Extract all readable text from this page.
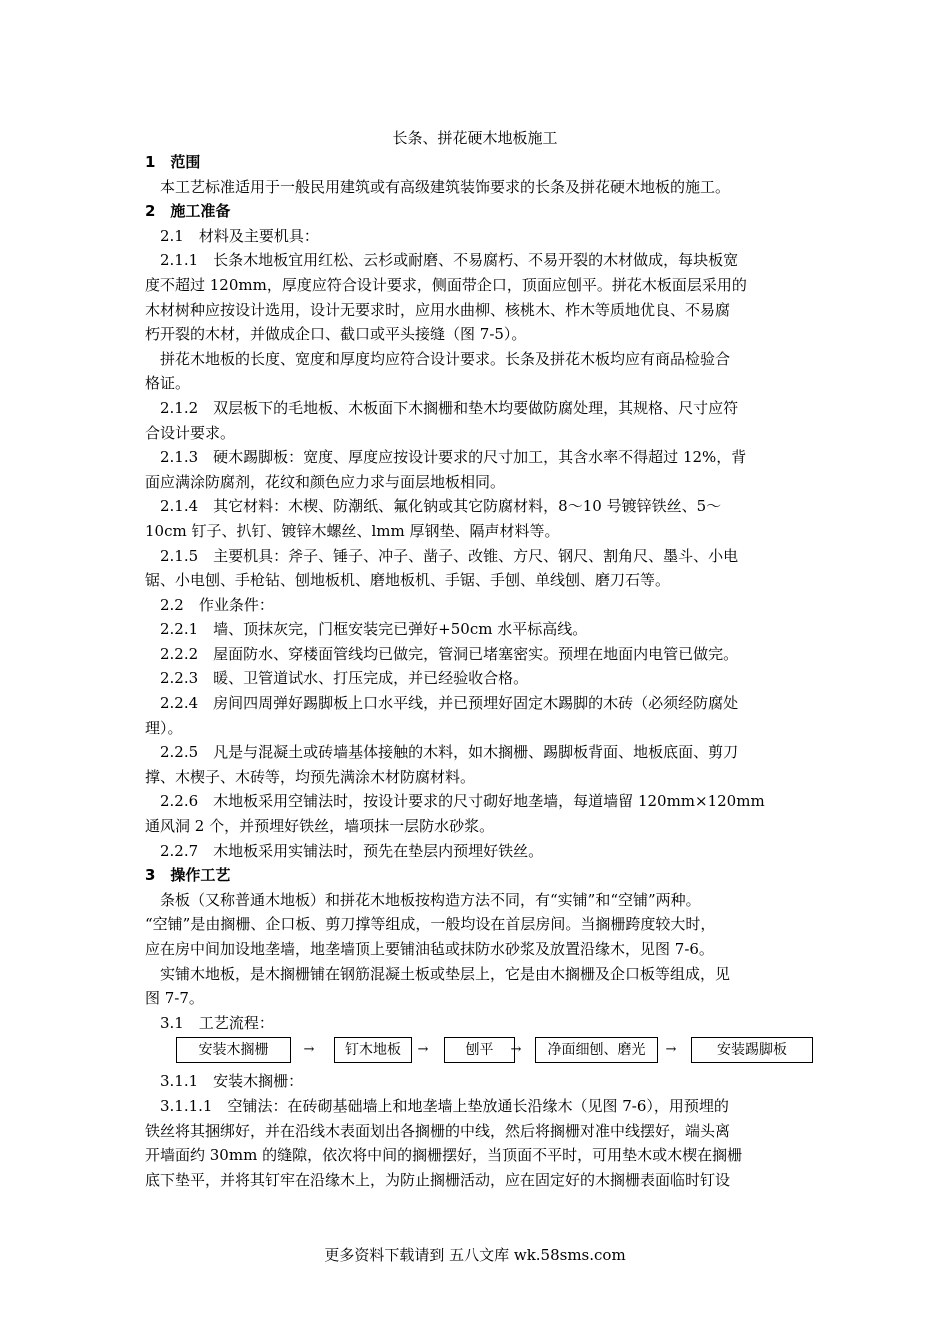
长条、拼花硬木地板施工
1　范围
本工艺标准适用于一般民用建筑或有高级建筑装饰要求的长条及拼花硬木地板的施工。
2　施工准备
2.1　材料及主要机具：
2.1.1　长条木地板宜用红松、云杉或耐磨、不易腐朽、不易开裂的木材做成，每块板宽
度不超过 120mm，厚度应符合设计要求，侧面带企口，顶面应刨平。拼花木板面层采用的
木材树种应按设计选用，设计无要求时，应用水曲柳、核桃木、柞木等质地优良、不易腐
朽开裂的木材，并做成企口、截口或平头接缝（图 7-5）。
拼花木地板的长度、宽度和厚度均应符合设计要求。长条及拼花木板均应有商品检验合
格证。
2.1.2　双层板下的毛地板、木板面下木搁栅和垫木均要做防腐处理，其规格、尺寸应符
合设计要求。
2.1.3　硬木踢脚板：宽度、厚度应按设计要求的尺寸加工，其含水率不得超过 12%，背
面应满涂防腐剂，花纹和颜色应力求与面层地板相同。
2.1.4　其它材料：木楔、防潮纸、氟化钠或其它防腐材料，8～10 号镀锌铁丝、5～
10cm 钉子、扒钉、镀锌木螺丝、lmm 厚钢垫、隔声材料等。
2.1.5　主要机具：斧子、锤子、冲子、凿子、改锥、方尺、钢尺、割角尺、墨斗、小电
锯、小电刨、手枪钻、刨地板机、磨地板机、手锯、手刨、单线刨、磨刀石等。
2.2　作业条件：
2.2.1　墙、顶抹灰完，门框安装完已弹好+50cm 水平标高线。
2.2.2　屋面防水、穿楼面管线均已做完，管洞已堵塞密实。预埋在地面内电管已做完。
2.2.3　暖、卫管道试水、打压完成，并已经验收合格。
2.2.4　房间四周弹好踢脚板上口水平线，并已预埋好固定木踢脚的木砖（必须经防腐处
理）。
2.2.5　凡是与混凝土或砖墙基体接触的木料，如木搁栅、踢脚板背面、地板底面、剪刀
撑、木楔子、木砖等，均预先满涂木材防腐材料。
2.2.6　木地板采用空铺法时，按设计要求的尺寸砌好地垄墙，每道墙留 120mm×120mm
通风洞 2 个，并预埋好铁丝，墙项抹一层防水砂浆。
2.2.7　木地板采用实铺法时，预先在垫层内预埋好铁丝。
3　操作工艺
条板（又称普通木地板）和拼花木地板按构造方法不同，有“实铺”和“空铺”两种。
“空铺”是由搁栅、企口板、剪刀撑等组成，一般均设在首层房间。当搁栅跨度较大时，
应在房中间加设地垄墙，地垄墙顶上要铺油毡或抹防水砂浆及放置沿缘木，见图 7-6。
实铺木地板，是木搁栅铺在钢筋混凝土板或垫层上，它是由木搁栅及企口板等组成，见
图 7-7。
3.1　工艺流程：
安装木搁栅	→	钉木地板	→	刨平	→	净面细刨、磨光	→	安装踢脚板
3.1.1　安装木搁栅：
3.1.1.1　空铺法：在砖砌基础墙上和地垄墙上垫放通长沿缘木（见图 7-6），用预埋的
铁丝将其捆绑好，并在沿线木表面划出各搁栅的中线，然后将搁栅对准中线摆好，端头离
开墙面约 30mm 的缝隙，依次将中间的搁栅摆好，当顶面不平时，可用垫木或木楔在搁栅
底下垫平，并将其钉牢在沿缘木上，为防止搁栅活动，应在固定好的木搁栅表面临时钉设
更多资料下载请到 五八文库 wk.58sms.com
